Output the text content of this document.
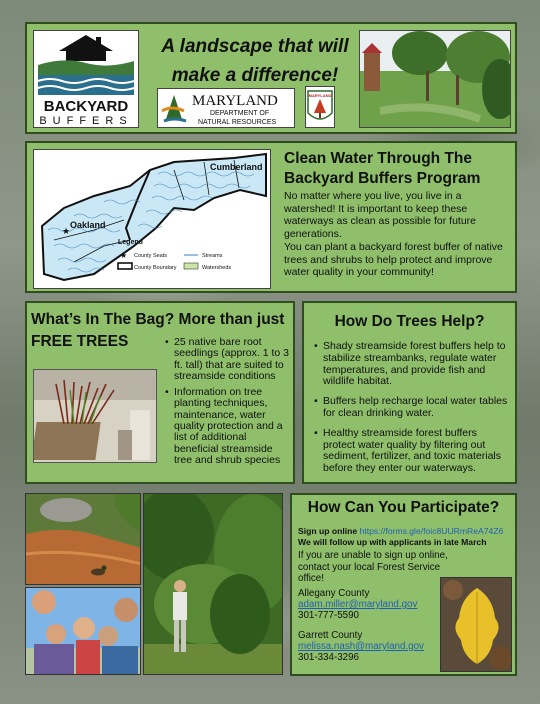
BACKYARD
BUFFERS
A landscape that will
make a difference!
MARYLAND
DEPARTMENT OF
NATURAL RESOURCES
MARYLAND
Cumberland
Oakland
★
Legend
★ County Seats	Streams
County Boundary	Watersheds
Clean Water Through The Backyard Buffers Program
No matter where you live, you live in a watershed! It is important to keep these waterways as clean as possible for future generations.
You can plant a backyard forest buffer of native trees and shrubs to help protect and improve water quality in your community!
What’s In The Bag? More than just FREE TREES
•	25 native bare root seedlings (approx. 1 to 3 ft. tall) that are suited to streamside conditions
• Information on tree planting techniques, maintenance, water quality protection and a list of additional beneficial streamside tree and shrub species
How Do Trees Help?
• Shady streamside forest buffers help to stabilize streambanks, regulate water temperatures, and provide fish and wildlife habitat.
• Buffers help recharge local water tables for clean drinking water.
• Healthy streamside forest buffers protect water quality by filtering out sediment, fertilizer, and toxic materials before they enter our waterways.
How Can You Participate?
Sign up online https://forms.gle/foic8UURmReA74Z6
We will follow up with applicants in late March
If you are unable to sign up online, contact your local Forest Service office!
Allegany County
adam.miller@maryland.gov
301-777-5590
Garrett County
melissa.nash@maryland.gov
301-334-3296
